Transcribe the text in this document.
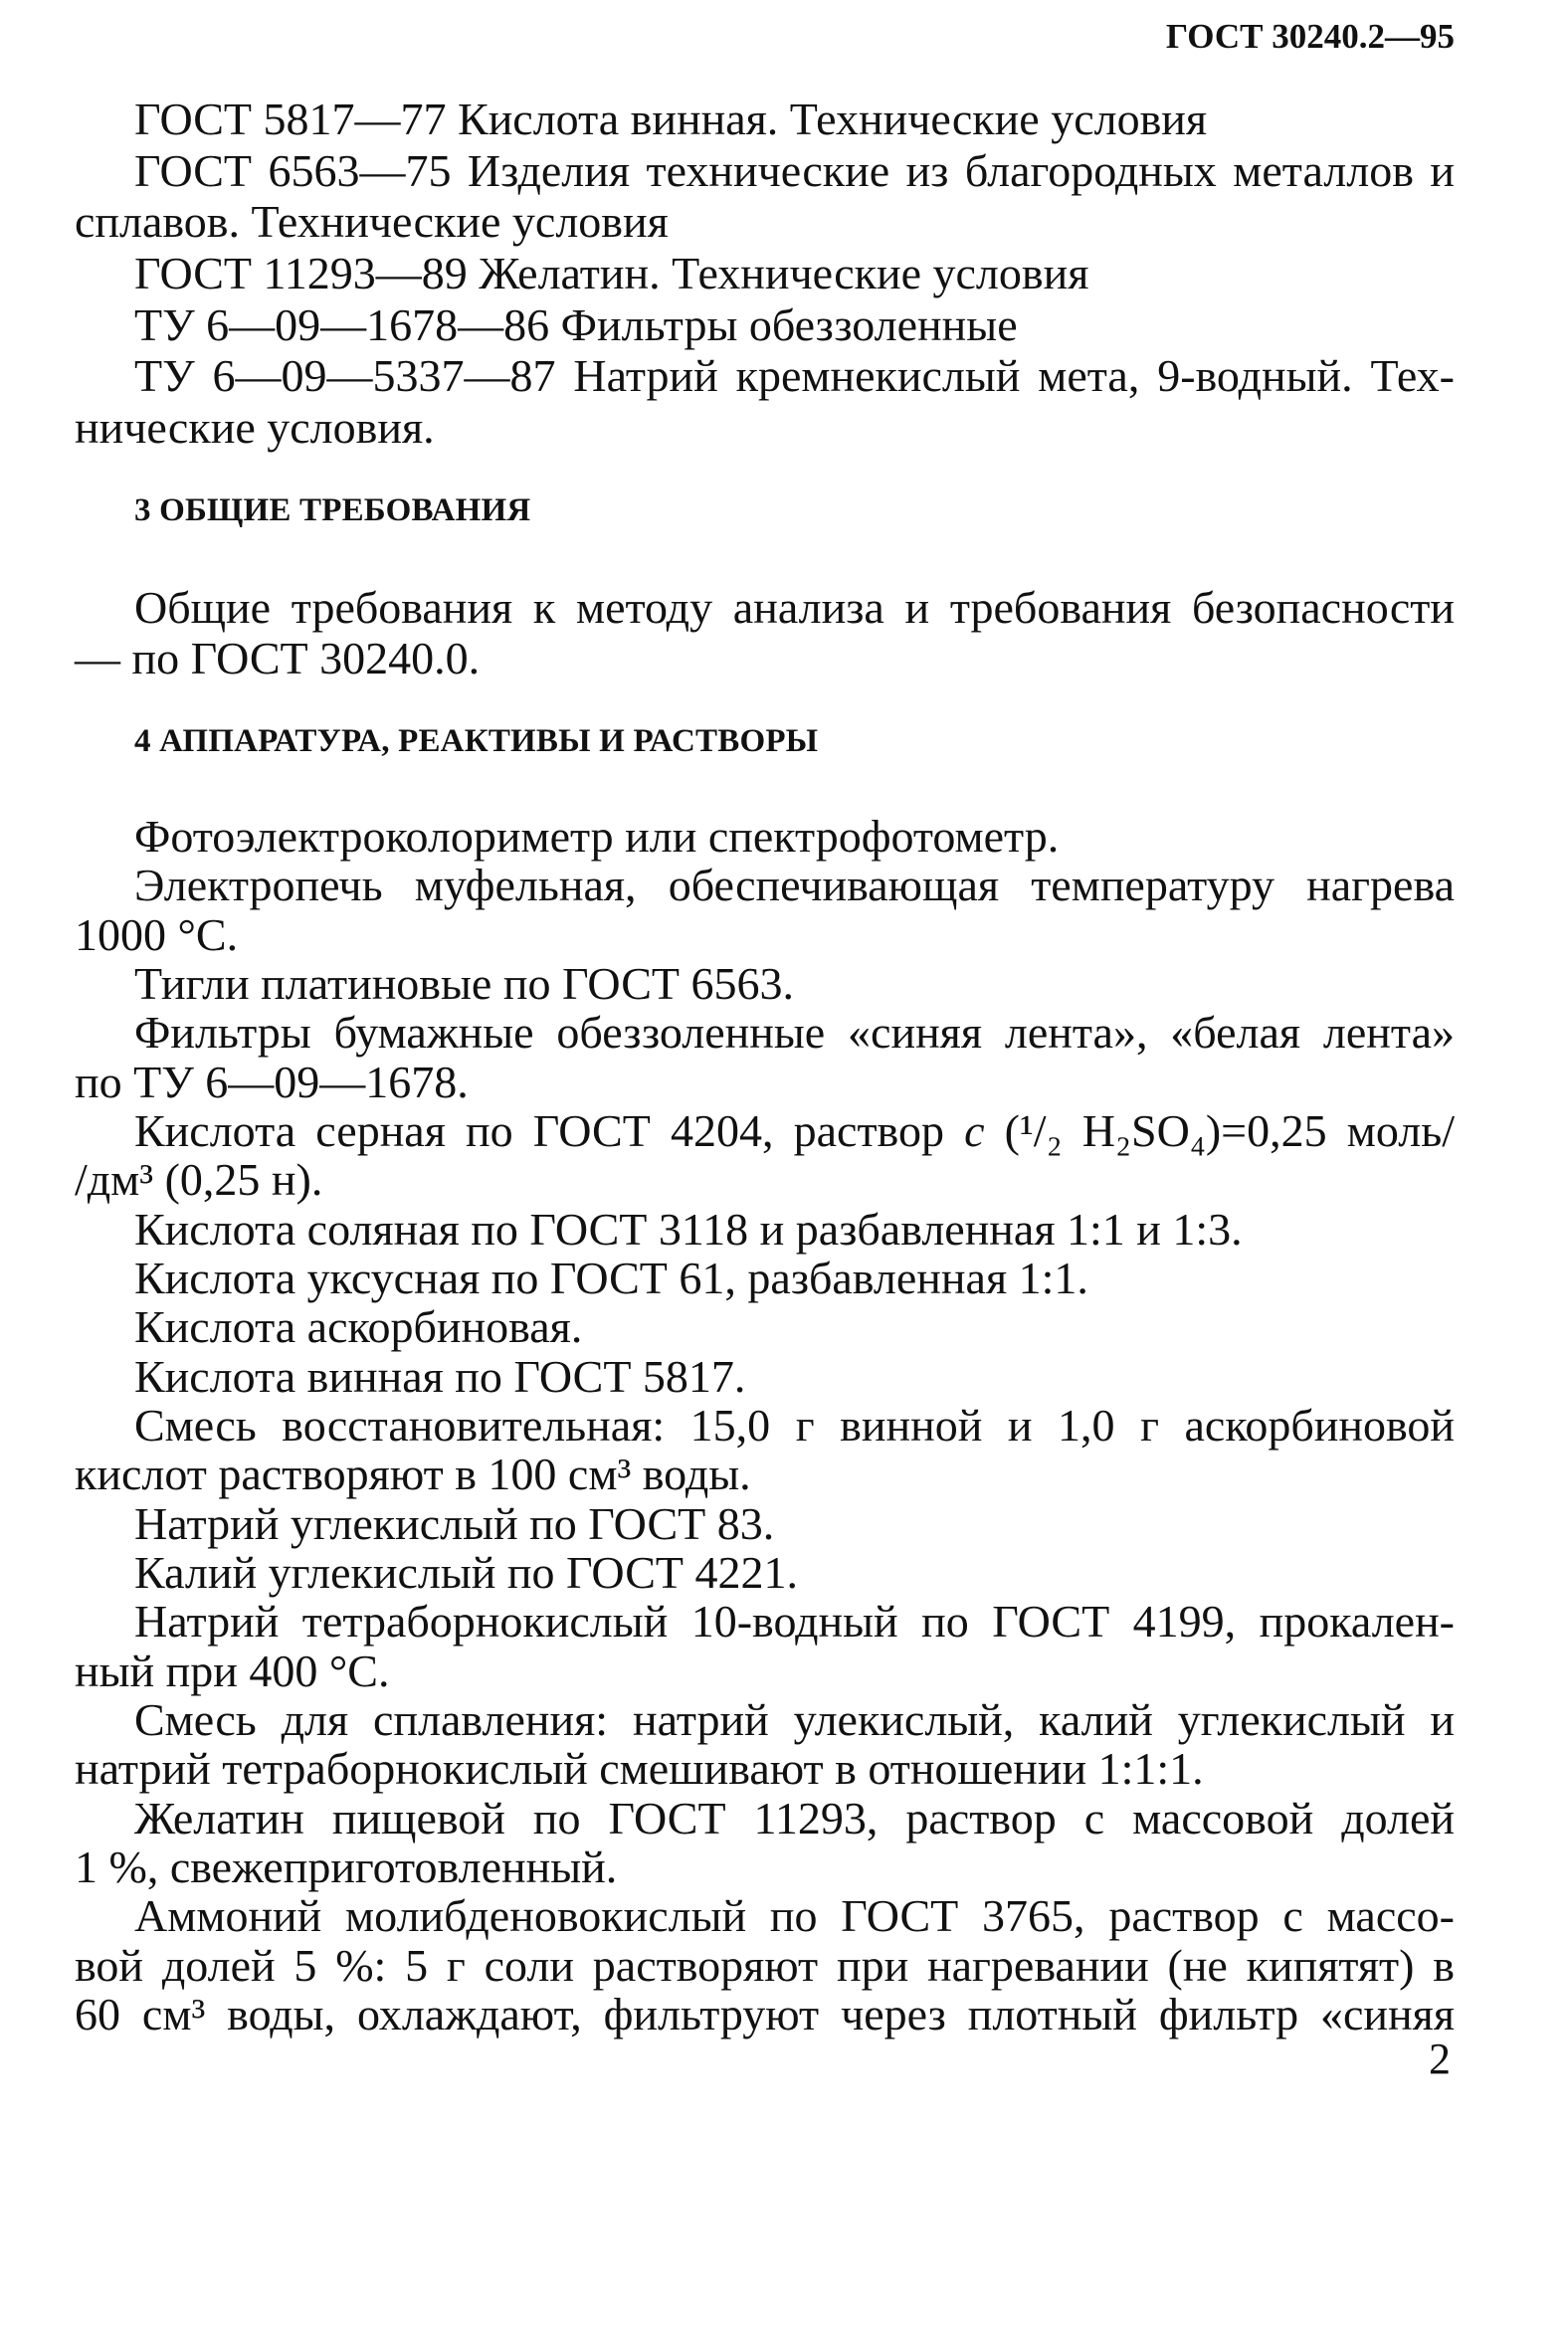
ГОСТ 30240.2—95
ГОСТ 5817—77 Кислота винная. Технические условия
ГОСТ 6563—75 Изделия технические из благородных металлов и
сплавов. Технические условия
ГОСТ 11293—89 Желатин. Технические условия
ТУ 6—09—1678—86 Фильтры обеззоленные
ТУ 6—09—5337—87 Натрий кремнекислый мета, 9-водный. Тех-
нические условия.
3 ОБЩИЕ ТРЕБОВАНИЯ
Общие требования к методу анализа и требования безопасности
— по ГОСТ 30240.0.
4 АППАРАТУРА, РЕАКТИВЫ И РАСТВОРЫ
Фотоэлектроколориметр или спектрофотометр.
Электропечь муфельная, обеспечивающая температуру нагрева
1000 °С.
Тигли платиновые по ГОСТ 6563.
Фильтры бумажные обеззоленные «синяя лента», «белая лента»
по ТУ 6—09—1678.
Кислота серная по ГОСТ 4204, раствор c (¹/₂ H₂SO₄)=0,25 моль/
/дм³ (0,25 н).
Кислота соляная по ГОСТ 3118 и разбавленная 1:1 и 1:3.
Кислота уксусная по ГОСТ 61, разбавленная 1:1.
Кислота аскорбиновая.
Кислота винная по ГОСТ 5817.
Смесь восстановительная: 15,0 г винной и 1,0 г аскорбиновой
кислот растворяют в 100 см³ воды.
Натрий углекислый по ГОСТ 83.
Калий углекислый по ГОСТ 4221.
Натрий тетраборнокислый 10-водный по ГОСТ 4199, прокален-
ный при 400 °С.
Смесь для сплавления: натрий улекислый, калий углекислый и
натрий тетраборнокислый смешивают в отношении 1:1:1.
Желатин пищевой по ГОСТ 11293, раствор с массовой долей
1 %, свежеприготовленный.
Аммоний молибденовокислый по ГОСТ 3765, раствор с массо-
вой долей 5 %: 5 г соли растворяют при нагревании (не кипятят) в
60 см³ воды, охлаждают, фильтруют через плотный фильтр «синяя
2
